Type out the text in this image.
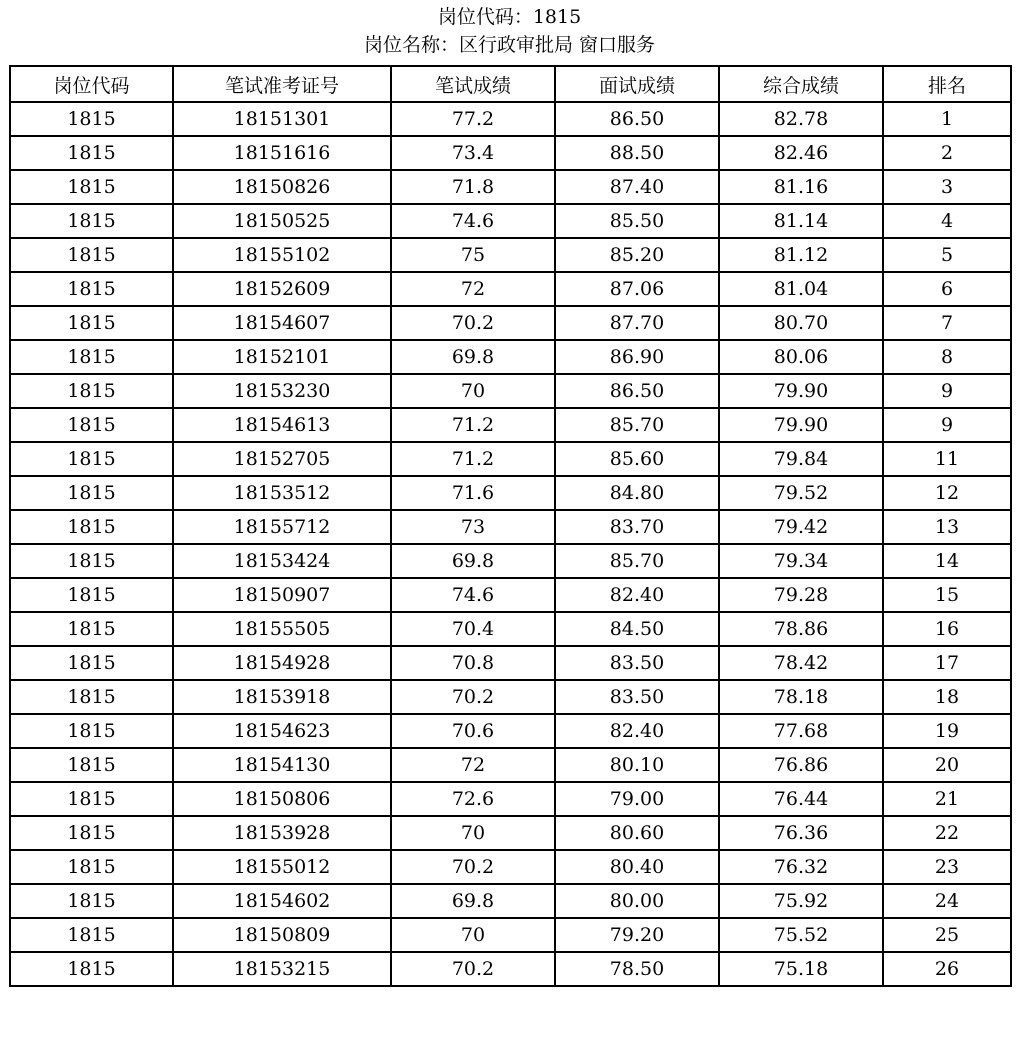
岗位代码：1815
岗位名称：区行政审批局 窗口服务
岗位代码	笔试准考证号	笔试成绩	面试成绩	综合成绩	排名
1815	18151301	77.2	86.50	82.78	1
1815	18151616	73.4	88.50	82.46	2
1815	18150826	71.8	87.40	81.16	3
1815	18150525	74.6	85.50	81.14	4
1815	18155102	75	85.20	81.12	5
1815	18152609	72	87.06	81.04	6
1815	18154607	70.2	87.70	80.70	7
1815	18152101	69.8	86.90	80.06	8
1815	18153230	70	86.50	79.90	9
1815	18154613	71.2	85.70	79.90	9
1815	18152705	71.2	85.60	79.84	11
1815	18153512	71.6	84.80	79.52	12
1815	18155712	73	83.70	79.42	13
1815	18153424	69.8	85.70	79.34	14
1815	18150907	74.6	82.40	79.28	15
1815	18155505	70.4	84.50	78.86	16
1815	18154928	70.8	83.50	78.42	17
1815	18153918	70.2	83.50	78.18	18
1815	18154623	70.6	82.40	77.68	19
1815	18154130	72	80.10	76.86	20
1815	18150806	72.6	79.00	76.44	21
1815	18153928	70	80.60	76.36	22
1815	18155012	70.2	80.40	76.32	23
1815	18154602	69.8	80.00	75.92	24
1815	18150809	70	79.20	75.52	25
1815	18153215	70.2	78.50	75.18	26
